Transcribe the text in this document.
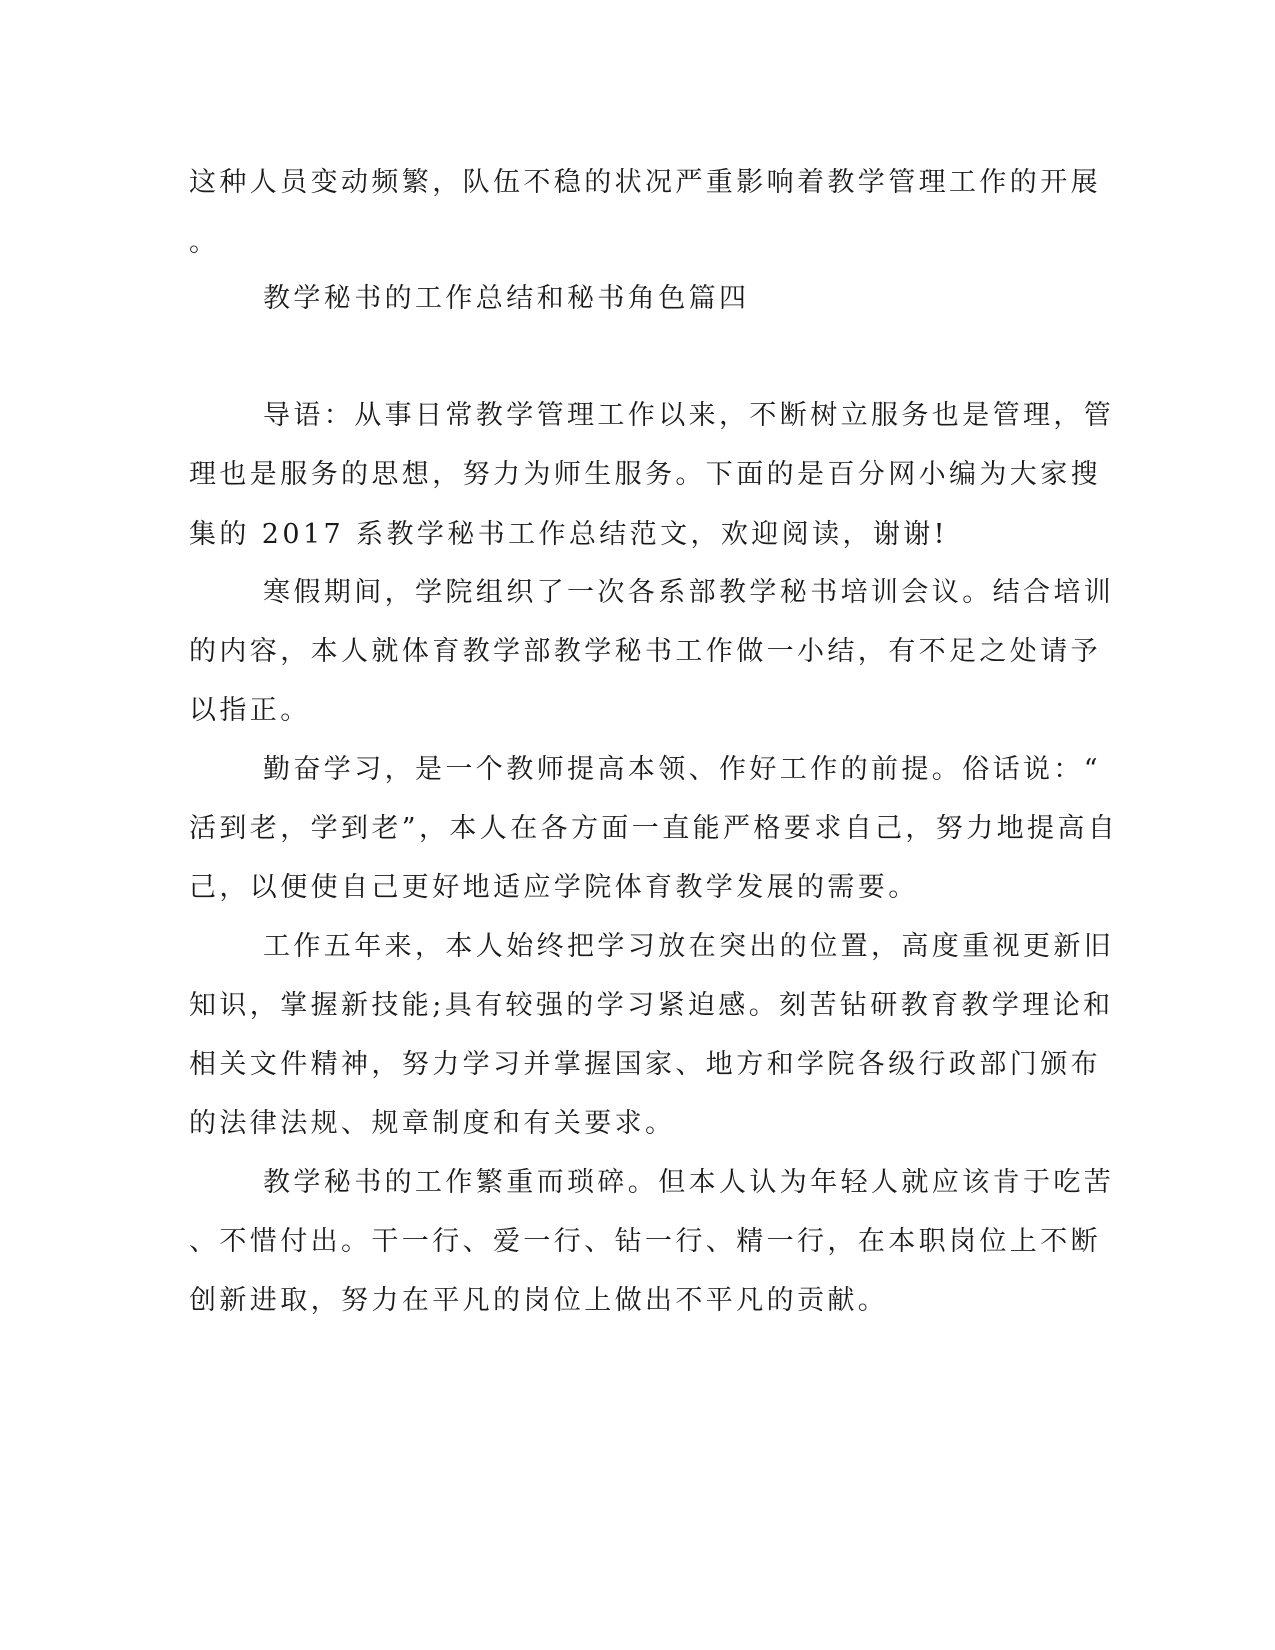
这种人员变动频繁，队伍不稳的状况严重影响着教学管理工作的开展
。
教学秘书的工作总结和秘书角色篇四
导语：从事日常教学管理工作以来，不断树立服务也是管理，管
理也是服务的思想，努力为师生服务。下面的是百分网小编为大家搜
集的 2017 系教学秘书工作总结范文，欢迎阅读，谢谢!
寒假期间，学院组织了一次各系部教学秘书培训会议。结合培训
的内容，本人就体育教学部教学秘书工作做一小结，有不足之处请予
以指正。
勤奋学习，是一个教师提高本领、作好工作的前提。俗话说：“
活到老，学到老”，本人在各方面一直能严格要求自己，努力地提高自
己，以便使自己更好地适应学院体育教学发展的需要。
工作五年来，本人始终把学习放在突出的位置，高度重视更新旧
知识，掌握新技能;具有较强的学习紧迫感。刻苦钻研教育教学理论和
相关文件精神，努力学习并掌握国家、地方和学院各级行政部门颁布
的法律法规、规章制度和有关要求。
教学秘书的工作繁重而琐碎。但本人认为年轻人就应该肯于吃苦
、不惜付出。干一行、爱一行、钻一行、精一行，在本职岗位上不断
创新进取，努力在平凡的岗位上做出不平凡的贡献。
